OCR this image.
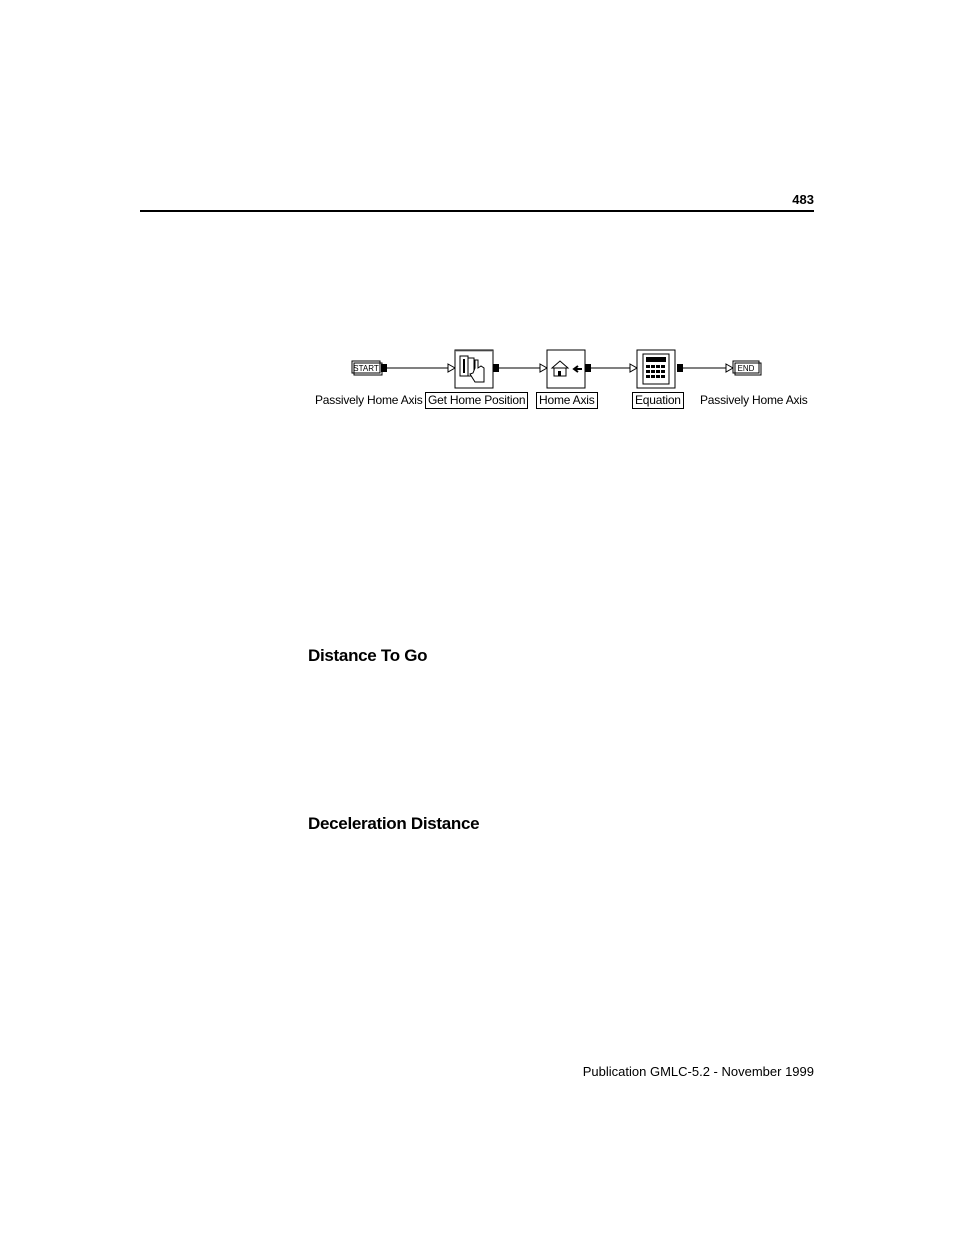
483
START	END
Passively Home Axis Get Home Position Home Axis	Equation Passively Home Axis
Distance To Go
Deceleration Distance
Publication GMLC-5.2 - November 1999
